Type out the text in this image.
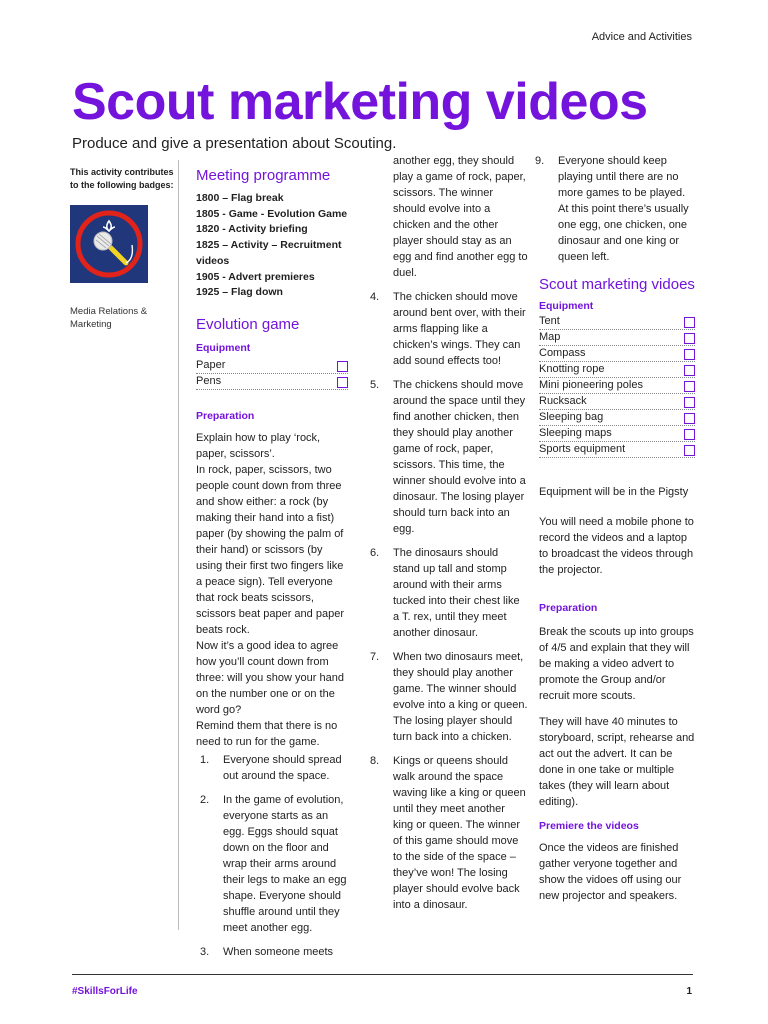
Advice and Activities
Scout marketing videos
Produce and give a presentation about Scouting.
This activity contributes to the following badges:
Media Relations & Marketing
Meeting programme
1800 – Flag break
1805 - Game - Evolution Game
1820 - Activity briefing
1825 – Activity – Recruitment videos
1905 - Advert premieres
1925 – Flag down
Evolution game
Equipment
Paper
Pens
Preparation

Explain how to play ‘rock, paper, scissors’.

In rock, paper, scissors, two people count down from three and show either: a rock (by making their hand into a fist) paper (by showing the palm of their hand) or scissors (by using their first two fingers like a peace sign). Tell everyone that rock beats scissors, scissors beat paper and paper beats rock.

Now it’s a good idea to agree how you’ll count down from three: will you show your hand on the number one or on the word go?

Remind them that there is no need to run for the game.

1. Everyone should spread out around the space.
2. In the game of evolution, everyone starts as an egg. Eggs should squat down on the floor and wrap their arms around their legs to make an egg shape. Everyone should shuffle around until they meet another egg.
3. When someone meets

another egg, they should play a game of rock, paper, scissors. The winner should evolve into a chicken and the other player should stay as an egg and find another egg to duel.

4. The chicken should move around bent over, with their arms flapping like a chicken’s wings. They can add sound effects too!
5. The chickens should move around the space until they find another chicken, then they should play another game of rock, paper, scissors. This time, the winner should evolve into a dinosaur. The losing player should turn back into an egg.
6. The dinosaurs should stand up tall and stomp around with their arms tucked into their chest like a T. rex, until they meet another dinosaur.
7. When two dinosaurs meet, they should play another game. The winner should evolve into a king or queen. The losing player should turn back into a chicken.
8. Kings or queens should walk around the space waving like a king or queen until they meet another king or queen. The winner of this game should move to the side of the space – they’ve won! The losing player should evolve back into a dinosaur.
9. Everyone should keep playing until there are no more games to be played. At this point there’s usually one egg, one chicken, one dinosaur and one king or queen left.
Scout marketing vidoes
Equipment
Tent
Map
Compass
Knotting rope
Mini pioneering poles
Rucksack
Sleeping bag
Sleeping maps
Sports equipment

Equipment will be in the Pigsty

You will need a mobile phone to record the videos and a laptop to broadcast the videos through the projector.

Preparation

Break the scouts up into groups of 4/5 and explain that they will be making a video advert to promote the Group and/or recruit more scouts.

They will have 40 minutes to storyboard, script, rehearse and act out the advert. It can be done in one take or multiple takes (they will learn about editing).

Premiere the videos

Once the videos are finished gather veryone together and show the vidoes off using our new projector and speakers.

#SkillsForLife	1
